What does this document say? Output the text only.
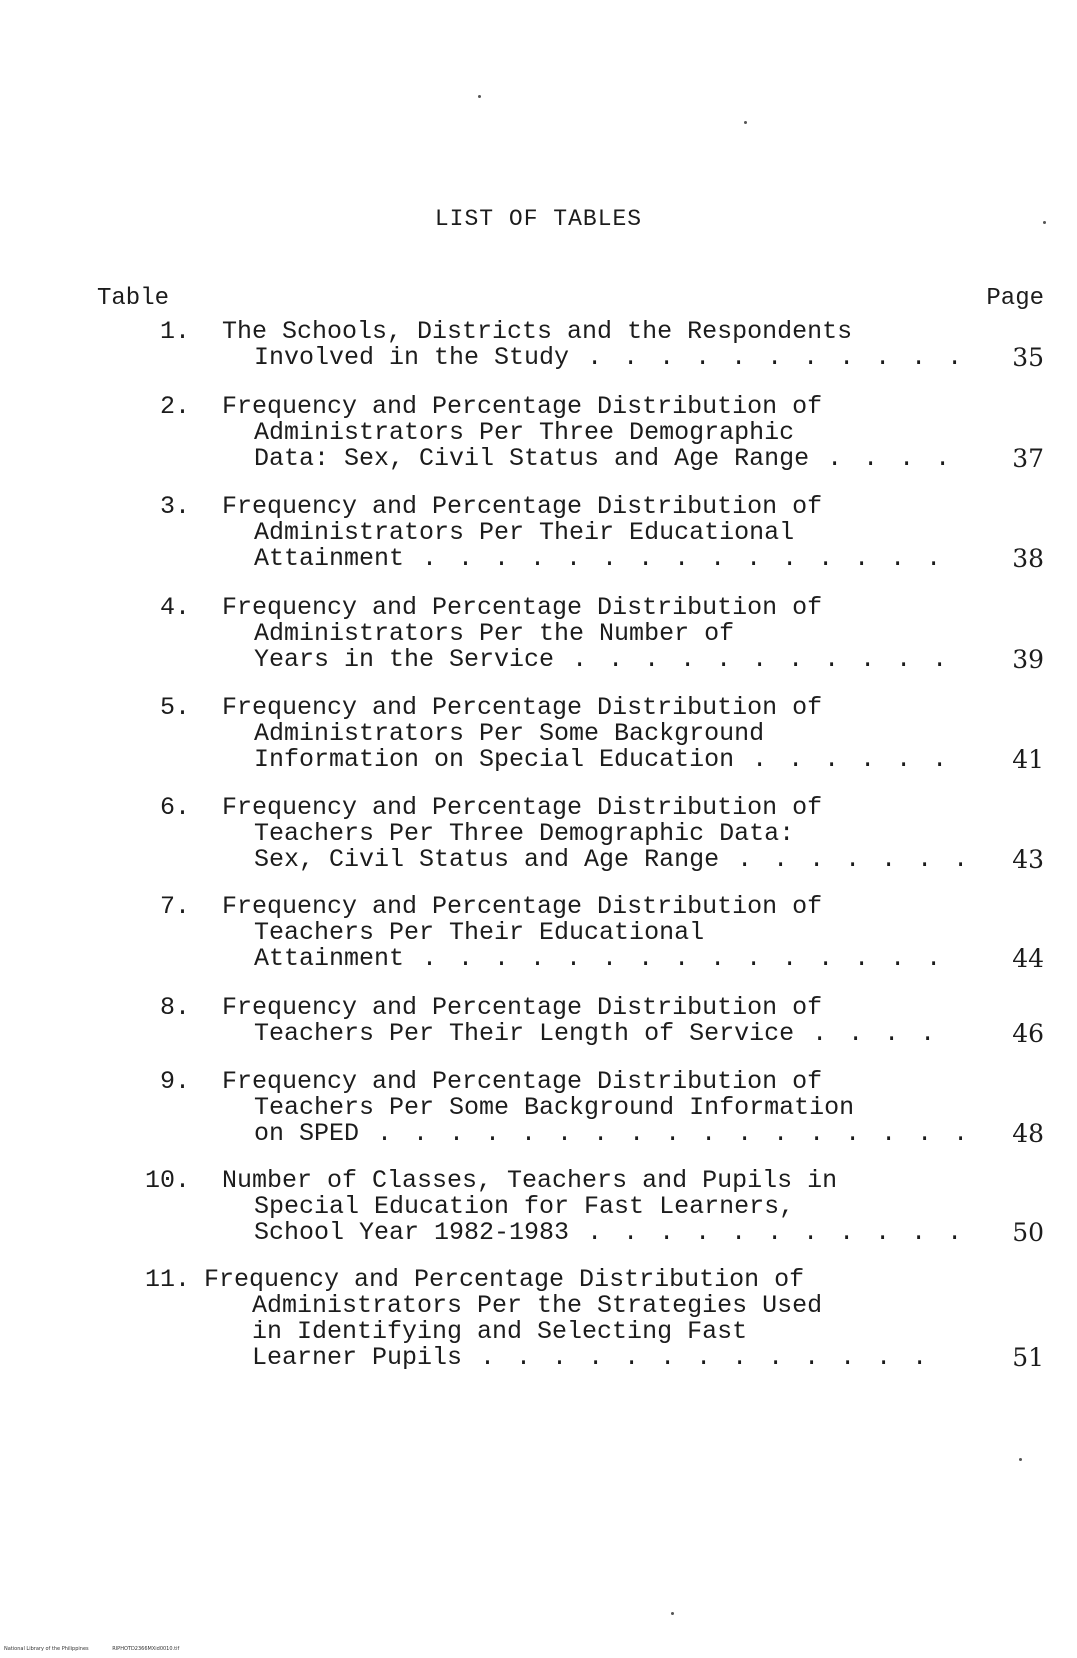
LIST OF TABLES
Table	Page
1. The Schools, Districts and the Respondents
Involved in the Study . . .	35
2. Frequency and Percentage Distribution of
Administrators Per Three Demographic
Data: Sex, Civil Status and Age Range . . .	37
3. Frequency and Percentage Distribution of
Administrators Per Their Educational
Attainment . . .	38
4. Frequency and Percentage Distribution of
Administrators Per the Number of
Years in the Service . . .	39
5. Frequency and Percentage Distribution of
Administrators Per Some Background
Information on Special Education . . .	41
6. Frequency and Percentage Distribution of
Teachers Per Three Demographic Data:
Sex, Civil Status and Age Range . . .	43
7. Frequency and Percentage Distribution of
Teachers Per Their Educational
Attainment . . .	44
8. Frequency and Percentage Distribution of
Teachers Per Their Length of Service . . .	46
9. Frequency and Percentage Distribution of
Teachers Per Some Background Information
on SPED . . .	48
10. Number of Classes, Teachers and Pupils in
Special Education for Fast Learners,
School Year 1982-1983 . . .	50
11. Frequency and Percentage Distribution of
Administrators Per the Strategies Used
in Identifying and Selecting Fast
Learner Pupils . . .	51
National Library of the Philippines	RIPHOTD2366MXid0010.tif
